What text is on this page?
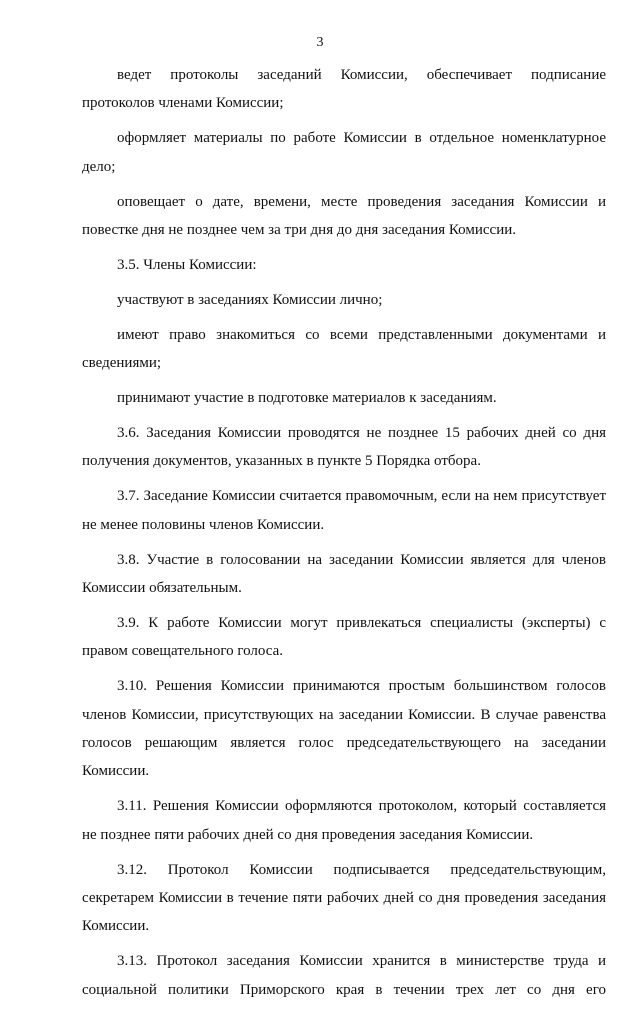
3

ведет протоколы заседаний Комиссии, обеспечивает подписание протоколов членами Комиссии;

оформляет материалы по работе Комиссии в отдельное номенклатурное дело;

оповещает о дате, времени, месте проведения заседания Комиссии и повестке дня не позднее чем за три дня до дня заседания Комиссии.

3.5. Члены Комиссии:

участвуют в заседаниях Комиссии лично;

имеют право знакомиться со всеми представленными документами и сведениями;

принимают участие в подготовке материалов к заседаниям.

3.6. Заседания Комиссии проводятся не позднее 15 рабочих дней со дня получения документов, указанных в пункте 5 Порядка отбора.

3.7. Заседание Комиссии считается правомочным, если на нем присутствует не менее половины членов Комиссии.

3.8. Участие в голосовании на заседании Комиссии является для членов Комиссии обязательным.

3.9. К работе Комиссии могут привлекаться специалисты (эксперты) с правом совещательного голоса.

3.10. Решения Комиссии принимаются простым большинством голосов членов Комиссии, присутствующих на заседании Комиссии. В случае равенства голосов решающим является голос председательствующего на заседании Комиссии.

3.11. Решения Комиссии оформляются протоколом, который составляется не позднее пяти рабочих дней со дня проведения заседания Комиссии.

3.12. Протокол Комиссии подписывается председательствующим, секретарем Комиссии в течение пяти рабочих дней со дня проведения заседания Комиссии.

3.13. Протокол заседания Комиссии хранится в министерстве труда и социальной политики Приморского края в течении трех лет со дня его
